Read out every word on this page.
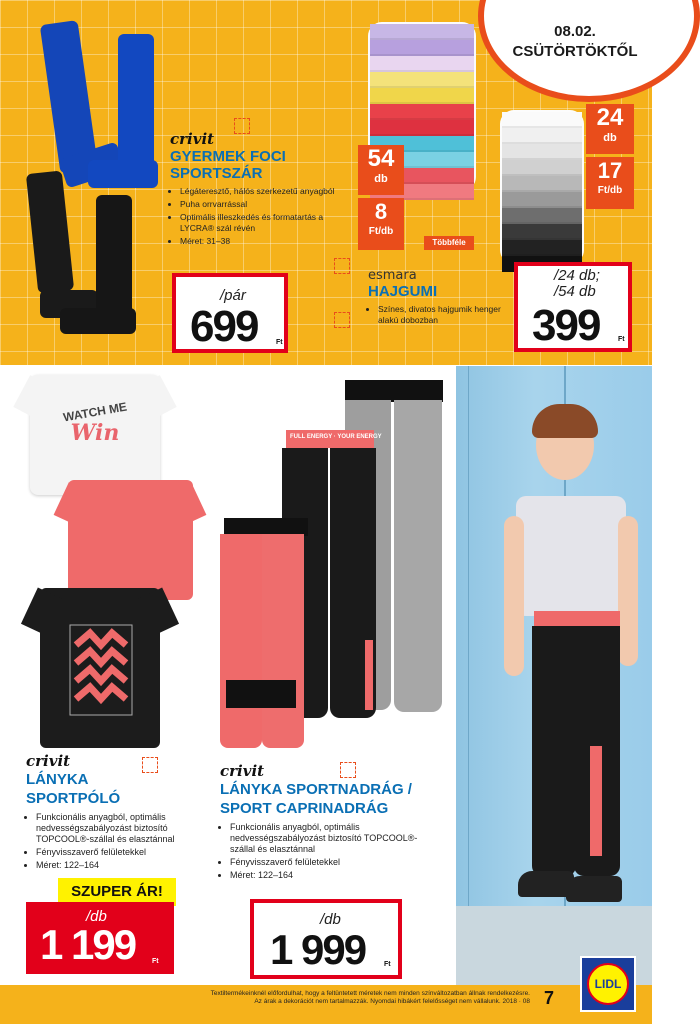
08.02.
CSÜTÖRTÖKTŐL
crivit
GYERMEK FOCI
SPORTSZÁR
• Légáteresztő, hálós szerkezetű anyagból
• Puha orrvarrással
• Optimális illeszkedés és formatartás a LYCRA® szál révén
• Méret: 31–38
/pár
699	Ft
54
db
8
Ft/db
24
db
17
Ft/db
Többféle
esmara
HAJGUMI
• Színes, divatos hajgumik henger alakú dobozban
/24 db;
/54 db
399	Ft
WATCH ME
Win
crivit
LÁNYKA
SPORTPÓLÓ
• Funkcionális anyagból, optimális nedvességszabályozást biztosító TOPCOOL®-szállal és elasztánnal
• Fényvisszaverő felületekkel
• Méret: 122–164
SZUPER ÁR!
/db
1 199 Ft
FULL ENERGY · YOUR ENERGY
crivit
LÁNYKA SPORTNADRÁG /
SPORT CAPRINADRÁG
• Funkcionális anyagból, optimális nedvességszabályozást biztosító TOPCOOL®-szállal és elasztánnal
• Fényvisszaverő felületekkel
• Méret: 122–164
/db
1 999	Ft
Textiltermékeinknél előfordulhat, hogy a feltüntetett méretek nem minden színváltozatban állnak rendelkezésre.
Az árak a dekorációt nem tartalmazzák. Nyomdai hibákért felelősséget nem vállalunk. 2018 · 08 7
LIDL
